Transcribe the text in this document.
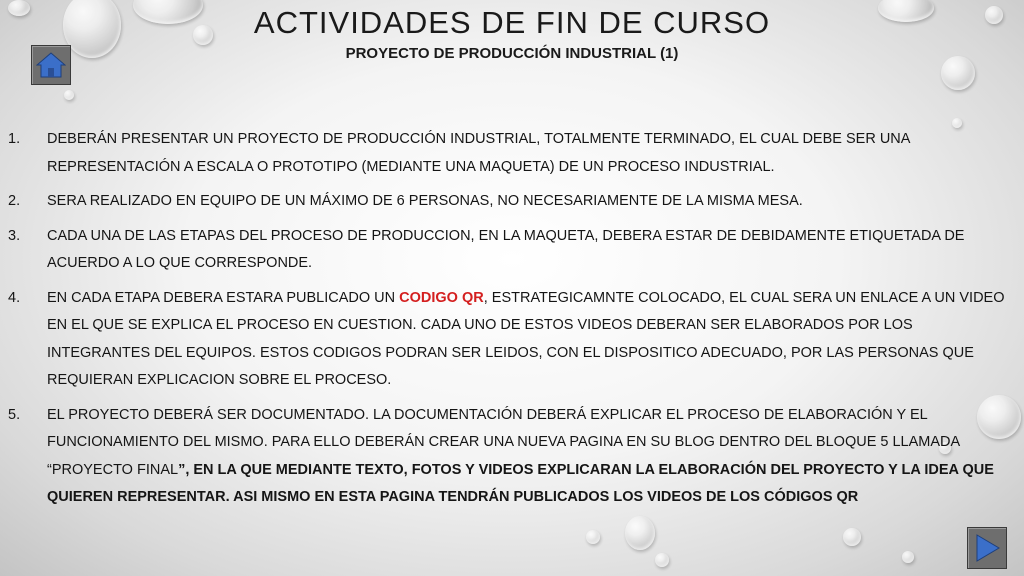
ACTIVIDADES DE FIN DE CURSO
PROYECTO DE PRODUCCIÓN INDUSTRIAL (1)
1. DEBERÁN PRESENTAR UN PROYECTO DE PRODUCCIÓN INDUSTRIAL, TOTALMENTE TERMINADO, EL CUAL DEBE SER UNA REPRESENTACIÓN A ESCALA O PROTOTIPO (MEDIANTE UNA MAQUETA) DE UN PROCESO INDUSTRIAL.
2. SERA REALIZADO EN EQUIPO DE UN MÁXIMO DE 6 PERSONAS, NO NECESARIAMENTE DE LA MISMA MESA.
3. CADA UNA DE LAS ETAPAS DEL PROCESO DE PRODUCCION, EN LA MAQUETA, DEBERA ESTAR DE DEBIDAMENTE ETIQUETADA DE ACUERDO A LO QUE CORRESPONDE.
4. EN CADA ETAPA DEBERA ESTARA PUBLICADO UN CODIGO QR, ESTRATEGICAMNTE COLOCADO, EL CUAL SERA UN ENLACE A UN VIDEO EN EL QUE SE EXPLICA EL PROCESO EN CUESTION. CADA UNO DE ESTOS VIDEOS DEBERAN SER ELABORADOS POR LOS INTEGRANTES DEL EQUIPOS. ESTOS CODIGOS PODRAN SER LEIDOS, CON EL DISPOSITICO ADECUADO, POR LAS PERSONAS QUE REQUIERAN EXPLICACION SOBRE EL PROCESO.
5. EL PROYECTO DEBERÁ SER DOCUMENTADO. LA DOCUMENTACIÓN DEBERÁ EXPLICAR EL PROCESO DE ELABORACIÓN Y EL FUNCIONAMIENTO DEL MISMO. PARA ELLO DEBERÁN CREAR UNA NUEVA PAGINA EN SU BLOG DENTRO DEL BLOQUE 5 LLAMADA “PROYECTO FINAL”, EN LA QUE MEDIANTE TEXTO, FOTOS Y VIDEOS EXPLICARAN LA ELABORACIÓN DEL PROYECTO Y LA IDEA QUE QUIEREN REPRESENTAR. ASI MISMO EN ESTA PAGINA TENDRÁN PUBLICADOS LOS VIDEOS DE LOS CÓDIGOS QR
